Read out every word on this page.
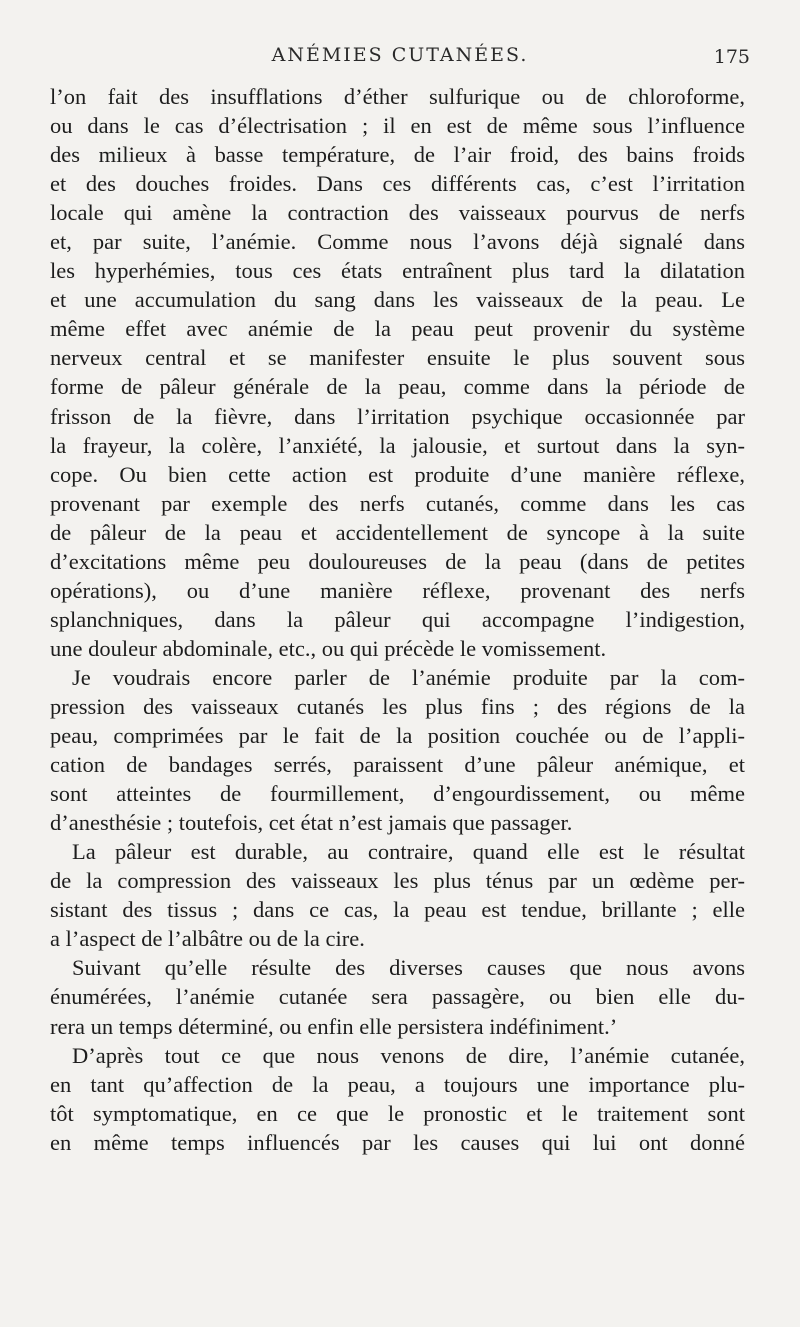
ANÉMIES CUTANÉES.	175
l’on fait des insufflations d’éther sulfurique ou de chloroforme,
ou dans le cas d’électrisation ; il en est de même sous l’influence
des milieux à basse température, de l’air froid, des bains froids
et des douches froides. Dans ces différents cas, c’est l’irritation
locale qui amène la contraction des vaisseaux pourvus de nerfs
et, par suite, l’anémie. Comme nous l’avons déjà signalé dans
les hyperhémies, tous ces états entraînent plus tard la dilatation
et une accumulation du sang dans les vaisseaux de la peau. Le
même effet avec anémie de la peau peut provenir du système
nerveux central et se manifester ensuite le plus souvent sous
forme de pâleur générale de la peau, comme dans la période de
frisson de la fièvre, dans l’irritation psychique occasionnée par
la frayeur, la colère, l’anxiété, la jalousie, et surtout dans la syn-
cope. Ou bien cette action est produite d’une manière réflexe,
provenant par exemple des nerfs cutanés, comme dans les cas
de pâleur de la peau et accidentellement de syncope à la suite
d’excitations même peu douloureuses de la peau (dans de petites
opérations), ou d’une manière réflexe, provenant des nerfs
splanchniques, dans la pâleur qui accompagne l’indigestion,
une douleur abdominale, etc., ou qui précède le vomissement.
Je voudrais encore parler de l’anémie produite par la com-
pression des vaisseaux cutanés les plus fins ; des régions de la
peau, comprimées par le fait de la position couchée ou de l’appli-
cation de bandages serrés, paraissent d’une pâleur anémique, et
sont atteintes de fourmillement, d’engourdissement, ou même
d’anesthésie ; toutefois, cet état n’est jamais que passager.
La pâleur est durable, au contraire, quand elle est le résultat
de la compression des vaisseaux les plus ténus par un œdème per-
sistant des tissus ; dans ce cas, la peau est tendue, brillante ; elle
a l’aspect de l’albâtre ou de la cire.
Suivant qu’elle résulte des diverses causes que nous avons
énumérées, l’anémie cutanée sera passagère, ou bien elle du-
rera un temps déterminé, ou enfin elle persistera indéfiniment.’
D’après tout ce que nous venons de dire, l’anémie cutanée,
en tant qu’affection de la peau, a toujours une importance plu-
tôt symptomatique, en ce que le pronostic et le traitement sont
en même temps influencés par les causes qui lui ont donné
